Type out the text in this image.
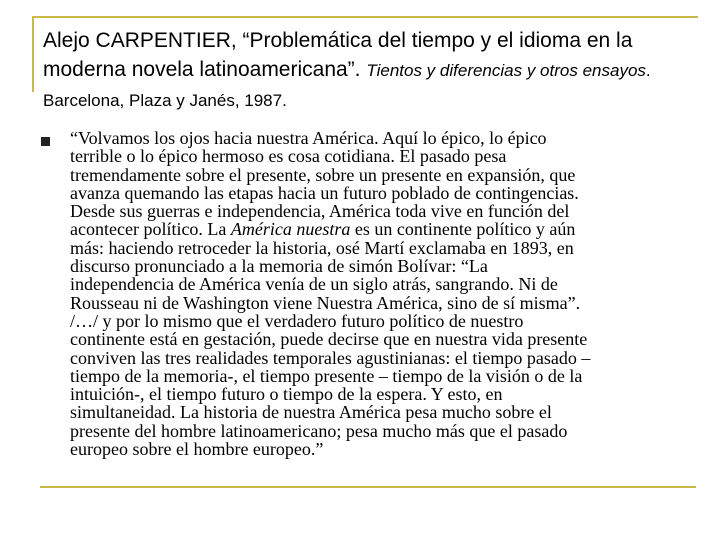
Alejo CARPENTIER, “Problemática del tiempo y el idioma en la moderna novela latinoamericana”. Tientos y diferencias y otros ensayos. Barcelona, Plaza y Janés, 1987.
“Volvamos los ojos hacia nuestra América. Aquí lo épico, lo épico
terrible o lo épico hermoso es cosa cotidiana. El pasado pesa
tremendamente sobre el presente, sobre un presente en expansión, que
avanza quemando las etapas hacia un futuro poblado de contingencias.
Desde sus guerras e independencia, América toda vive en función del
acontecer político. La América nuestra es un continente político y aún
más: haciendo retroceder la historia, osé Martí exclamaba en 1893, en
discurso pronunciado a la memoria de simón Bolívar: “La
independencia de América venía de un siglo atrás, sangrando. Ni de
Rousseau ni de Washington viene Nuestra América, sino de sí misma”.
/…/ y por lo mismo que el verdadero futuro político de nuestro
continente está en gestación, puede decirse que en nuestra vida presente
conviven las tres realidades temporales agustinianas: el tiempo pasado –
tiempo de la memoria-, el tiempo presente – tiempo de la visión o de la
intuición-, el tiempo futuro o tiempo de la espera. Y esto, en
simultaneidad. La historia de nuestra América pesa mucho sobre el
presente del hombre latinoamericano; pesa mucho más que el pasado
europeo sobre el hombre europeo.”
